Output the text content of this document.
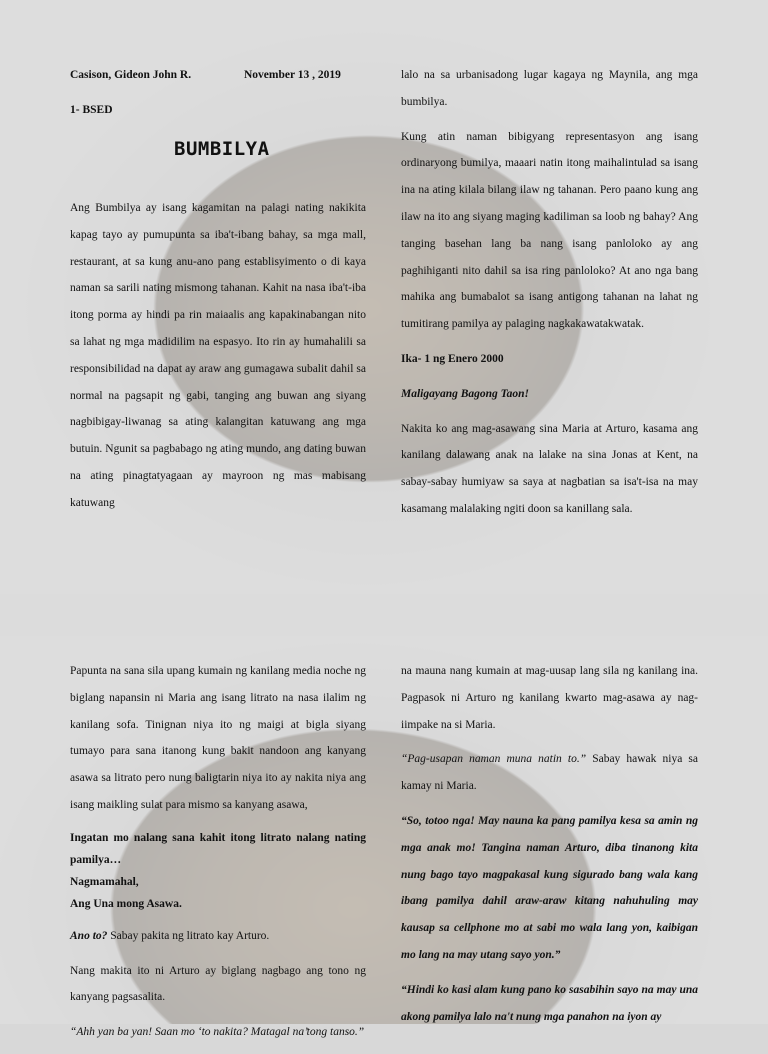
Casison, Gideon John R.	November 13 , 2019
1- BSED
BUMBILYA

Ang Bumbilya ay isang kagamitan na palagi nating nakikita kapag tayo ay pumupunta sa iba't-ibang bahay, sa mga mall, restaurant, at sa kung anu-ano pang establisyimento o di kaya naman sa sarili nating mismong tahanan. Kahit na nasa iba't-iba itong porma ay hindi pa rin maiaalis ang kapakinabangan nito sa lahat ng mga madidilim na espasyo. Ito rin ay humahalili sa responsibilidad na dapat ay araw ang gumagawa subalit dahil sa normal na pagsapit ng gabi, tanging ang buwan ang siyang nagbibigay-liwanag sa ating kalangitan katuwang ang mga butuin. Ngunit sa pagbabago ng ating mundo, ang dating buwan na ating pinagtatyagaan ay mayroon ng mas mabisang katuwang

lalo na sa urbanisadong lugar kagaya ng Maynila, ang mga bumbilya.

Kung atin naman bibigyang representasyon ang isang ordinaryong bumilya, maaari natin itong maihalintulad sa isang ina na ating kilala bilang ilaw ng tahanan. Pero paano kung ang ilaw na ito ang siyang maging kadiliman sa loob ng bahay? Ang tanging basehan lang ba nang isang panloloko ay ang paghihiganti nito dahil sa isa ring panloloko? At ano nga bang mahika ang bumabalot sa isang antigong tahanan na lahat ng tumitirang pamilya ay palaging nagkakawatakwatak.

Ika- 1 ng Enero 2000

Maligayang Bagong Taon!

Nakita ko ang mag-asawang sina Maria at Arturo, kasama ang kanilang dalawang anak na lalake na sina Jonas at Kent, na sabay-sabay humiyaw sa saya at nagbatian sa isa't-isa na may kasamang malalaking ngiti doon sa kanillang sala.

Papunta na sana sila upang kumain ng kanilang media noche ng biglang napansin ni Maria ang isang litrato na nasa ilalim ng kanilang sofa. Tinignan niya ito ng maigi at bigla siyang tumayo para sana itanong kung bakit nandoon ang kanyang asawa sa litrato pero nung baligtarin niya ito ay nakita niya ang isang maikling sulat para mismo sa kanyang asawa,

Ingatan mo nalang sana kahit itong litrato nalang nating pamilya…

Nagmamahal,

Ang Una mong Asawa.

Ano to? Sabay pakita ng litrato kay Arturo.

Nang makita ito ni Arturo ay biglang nagbago ang tono ng kanyang pagsasalita.

“Ahh yan ba yan! Saan mo ‘to nakita? Matagal na’tong tanso.”

na mauna nang kumain at mag-uusap lang sila ng kanilang ina. Pagpasok ni Arturo ng kanilang kwarto mag-asawa ay nag-iimpake na si Maria.

“Pag-usapan naman muna natin to.” Sabay hawak niya sa kamay ni Maria.

“So, totoo nga! May nauna ka pang pamilya kesa sa amin ng mga anak mo! Tangina naman Arturo, diba tinanong kita nung bago tayo magpakasal kung sigurado bang wala kang ibang pamilya dahil araw-araw kitang nahuhuling may kausap sa cellphone mo at sabi mo wala lang yon, kaibigan mo lang na may utang sayo yon.”

“Hindi ko kasi alam kung pano ko sasabihin sayo na may una akong pamilya lalo na't nung mga panahon na iyon ay
